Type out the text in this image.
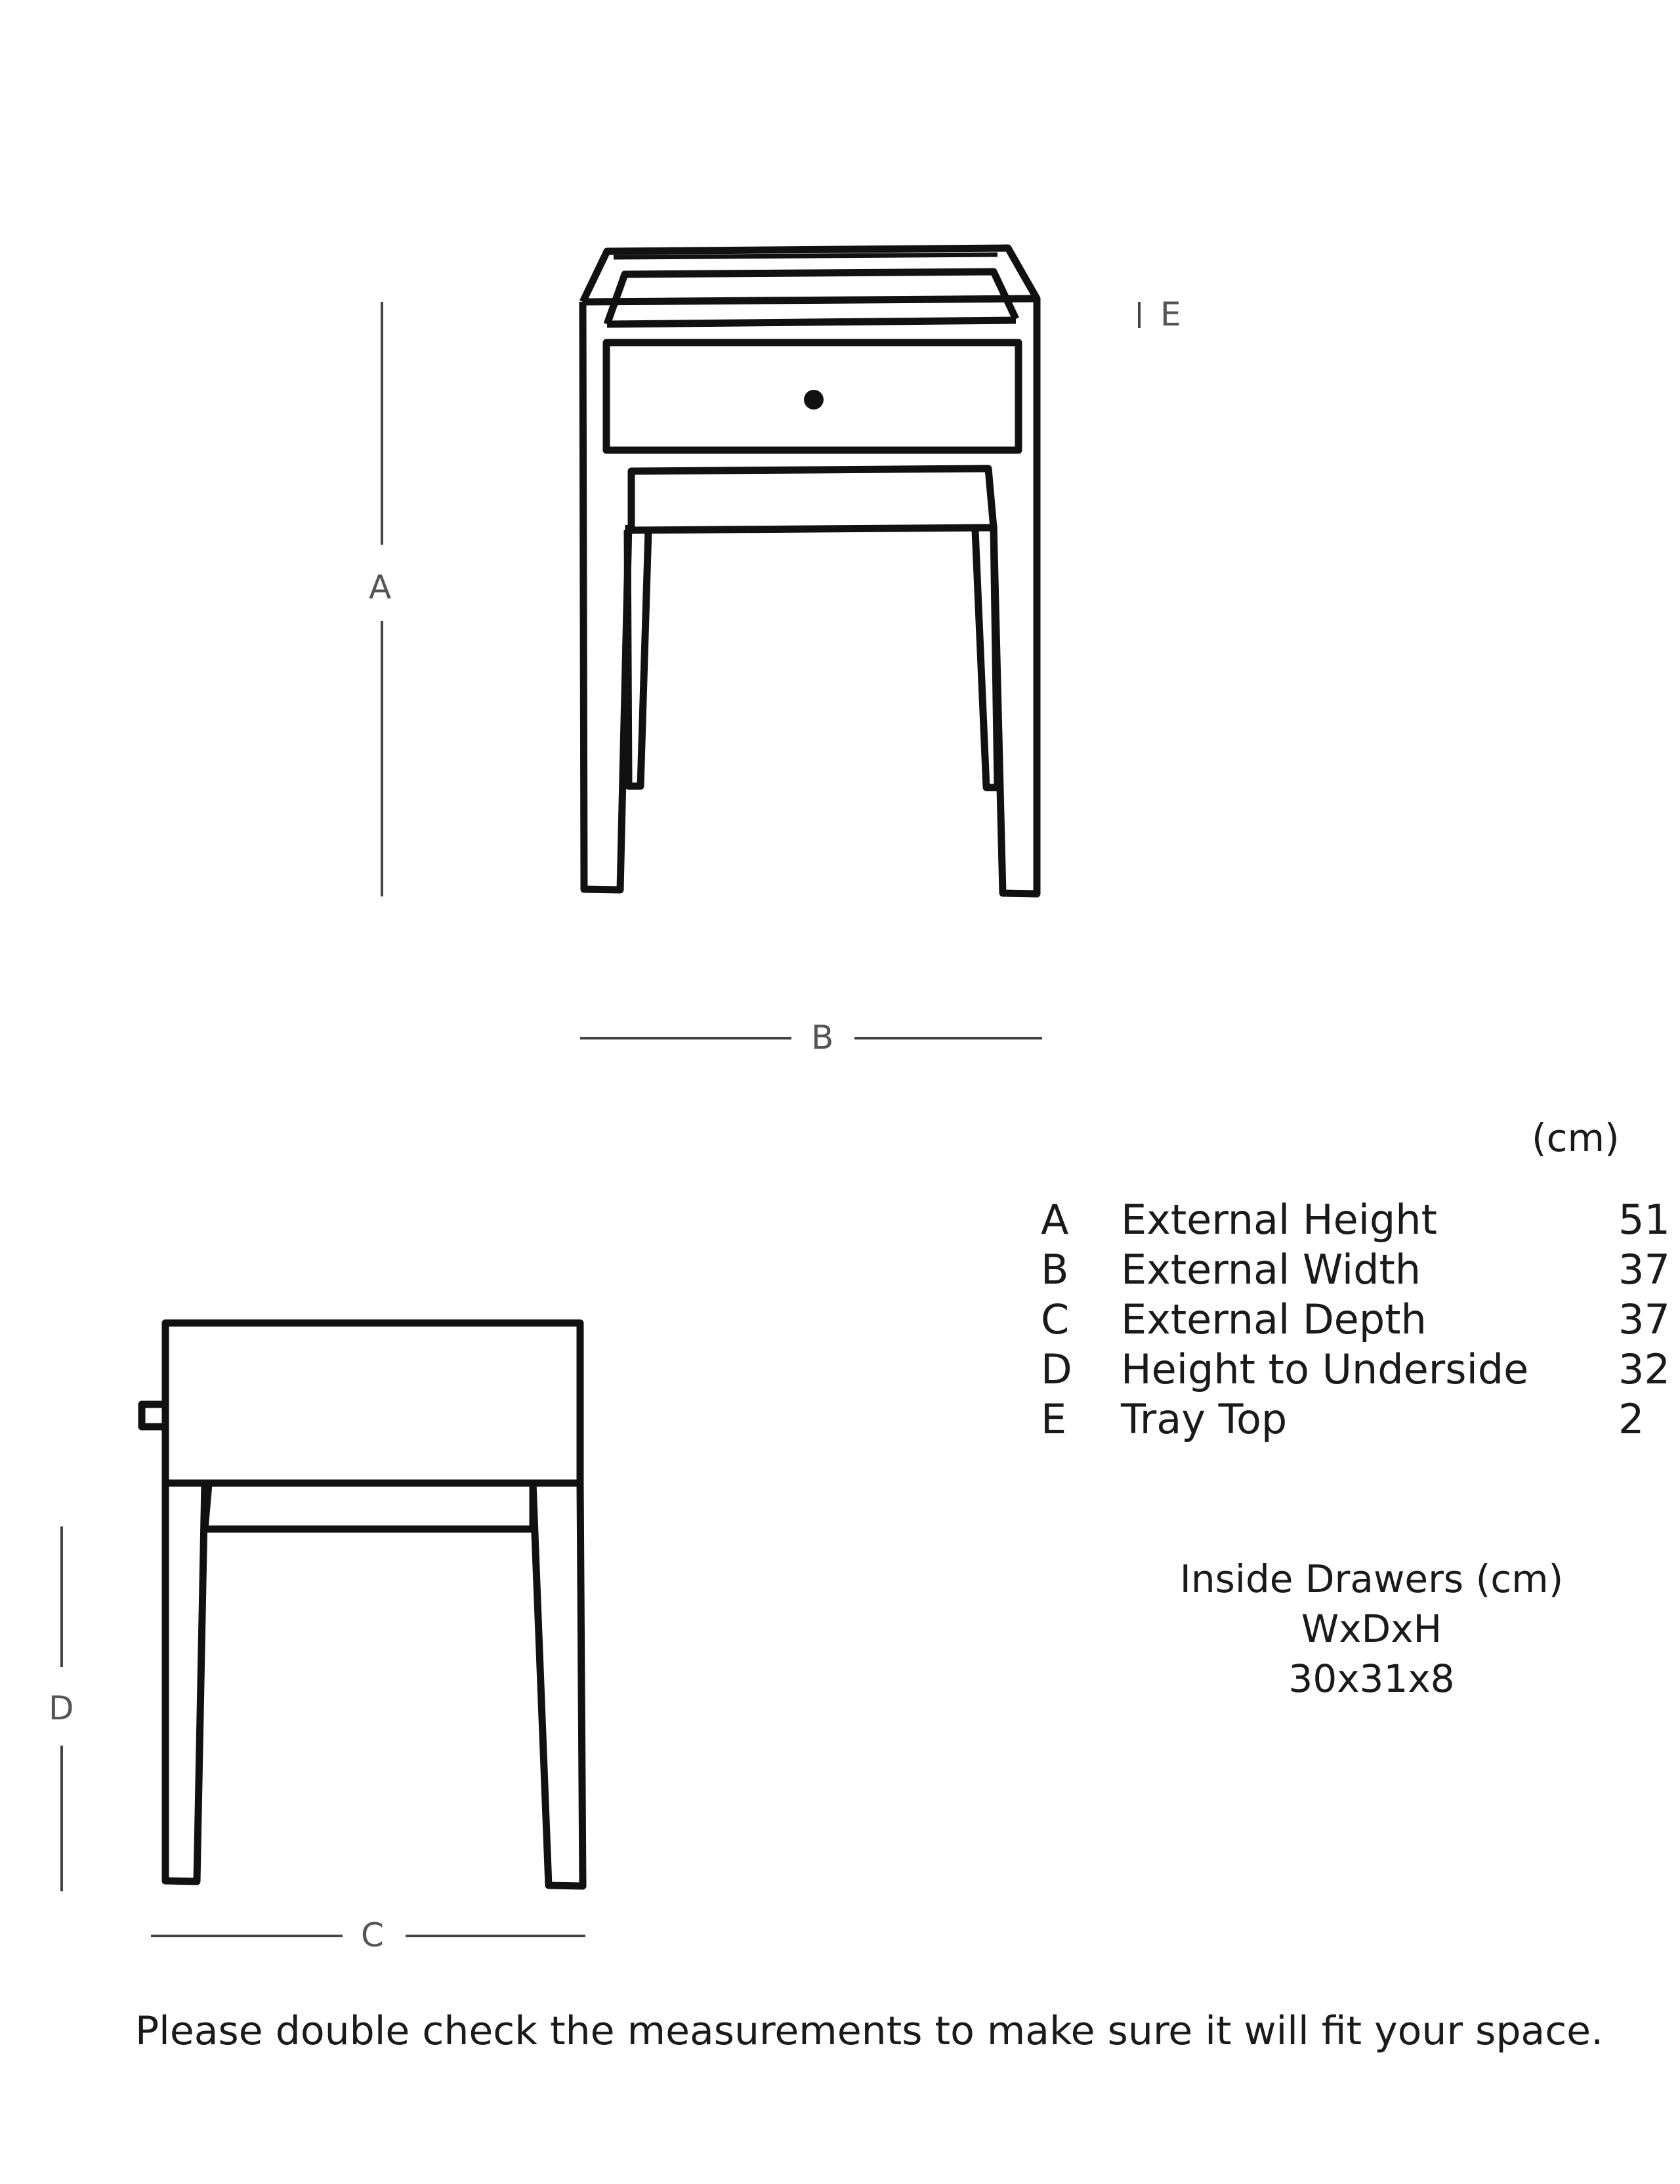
A
B
E
D
C
(cm)
A	External Height	51
B	External Width	37
C	External Depth	37
D	Height to Underside	32
E	Tray Top	2
Inside Drawers (cm)
WxDxH
30x31x8
Please double check the measurements to make sure it will fit your space.
